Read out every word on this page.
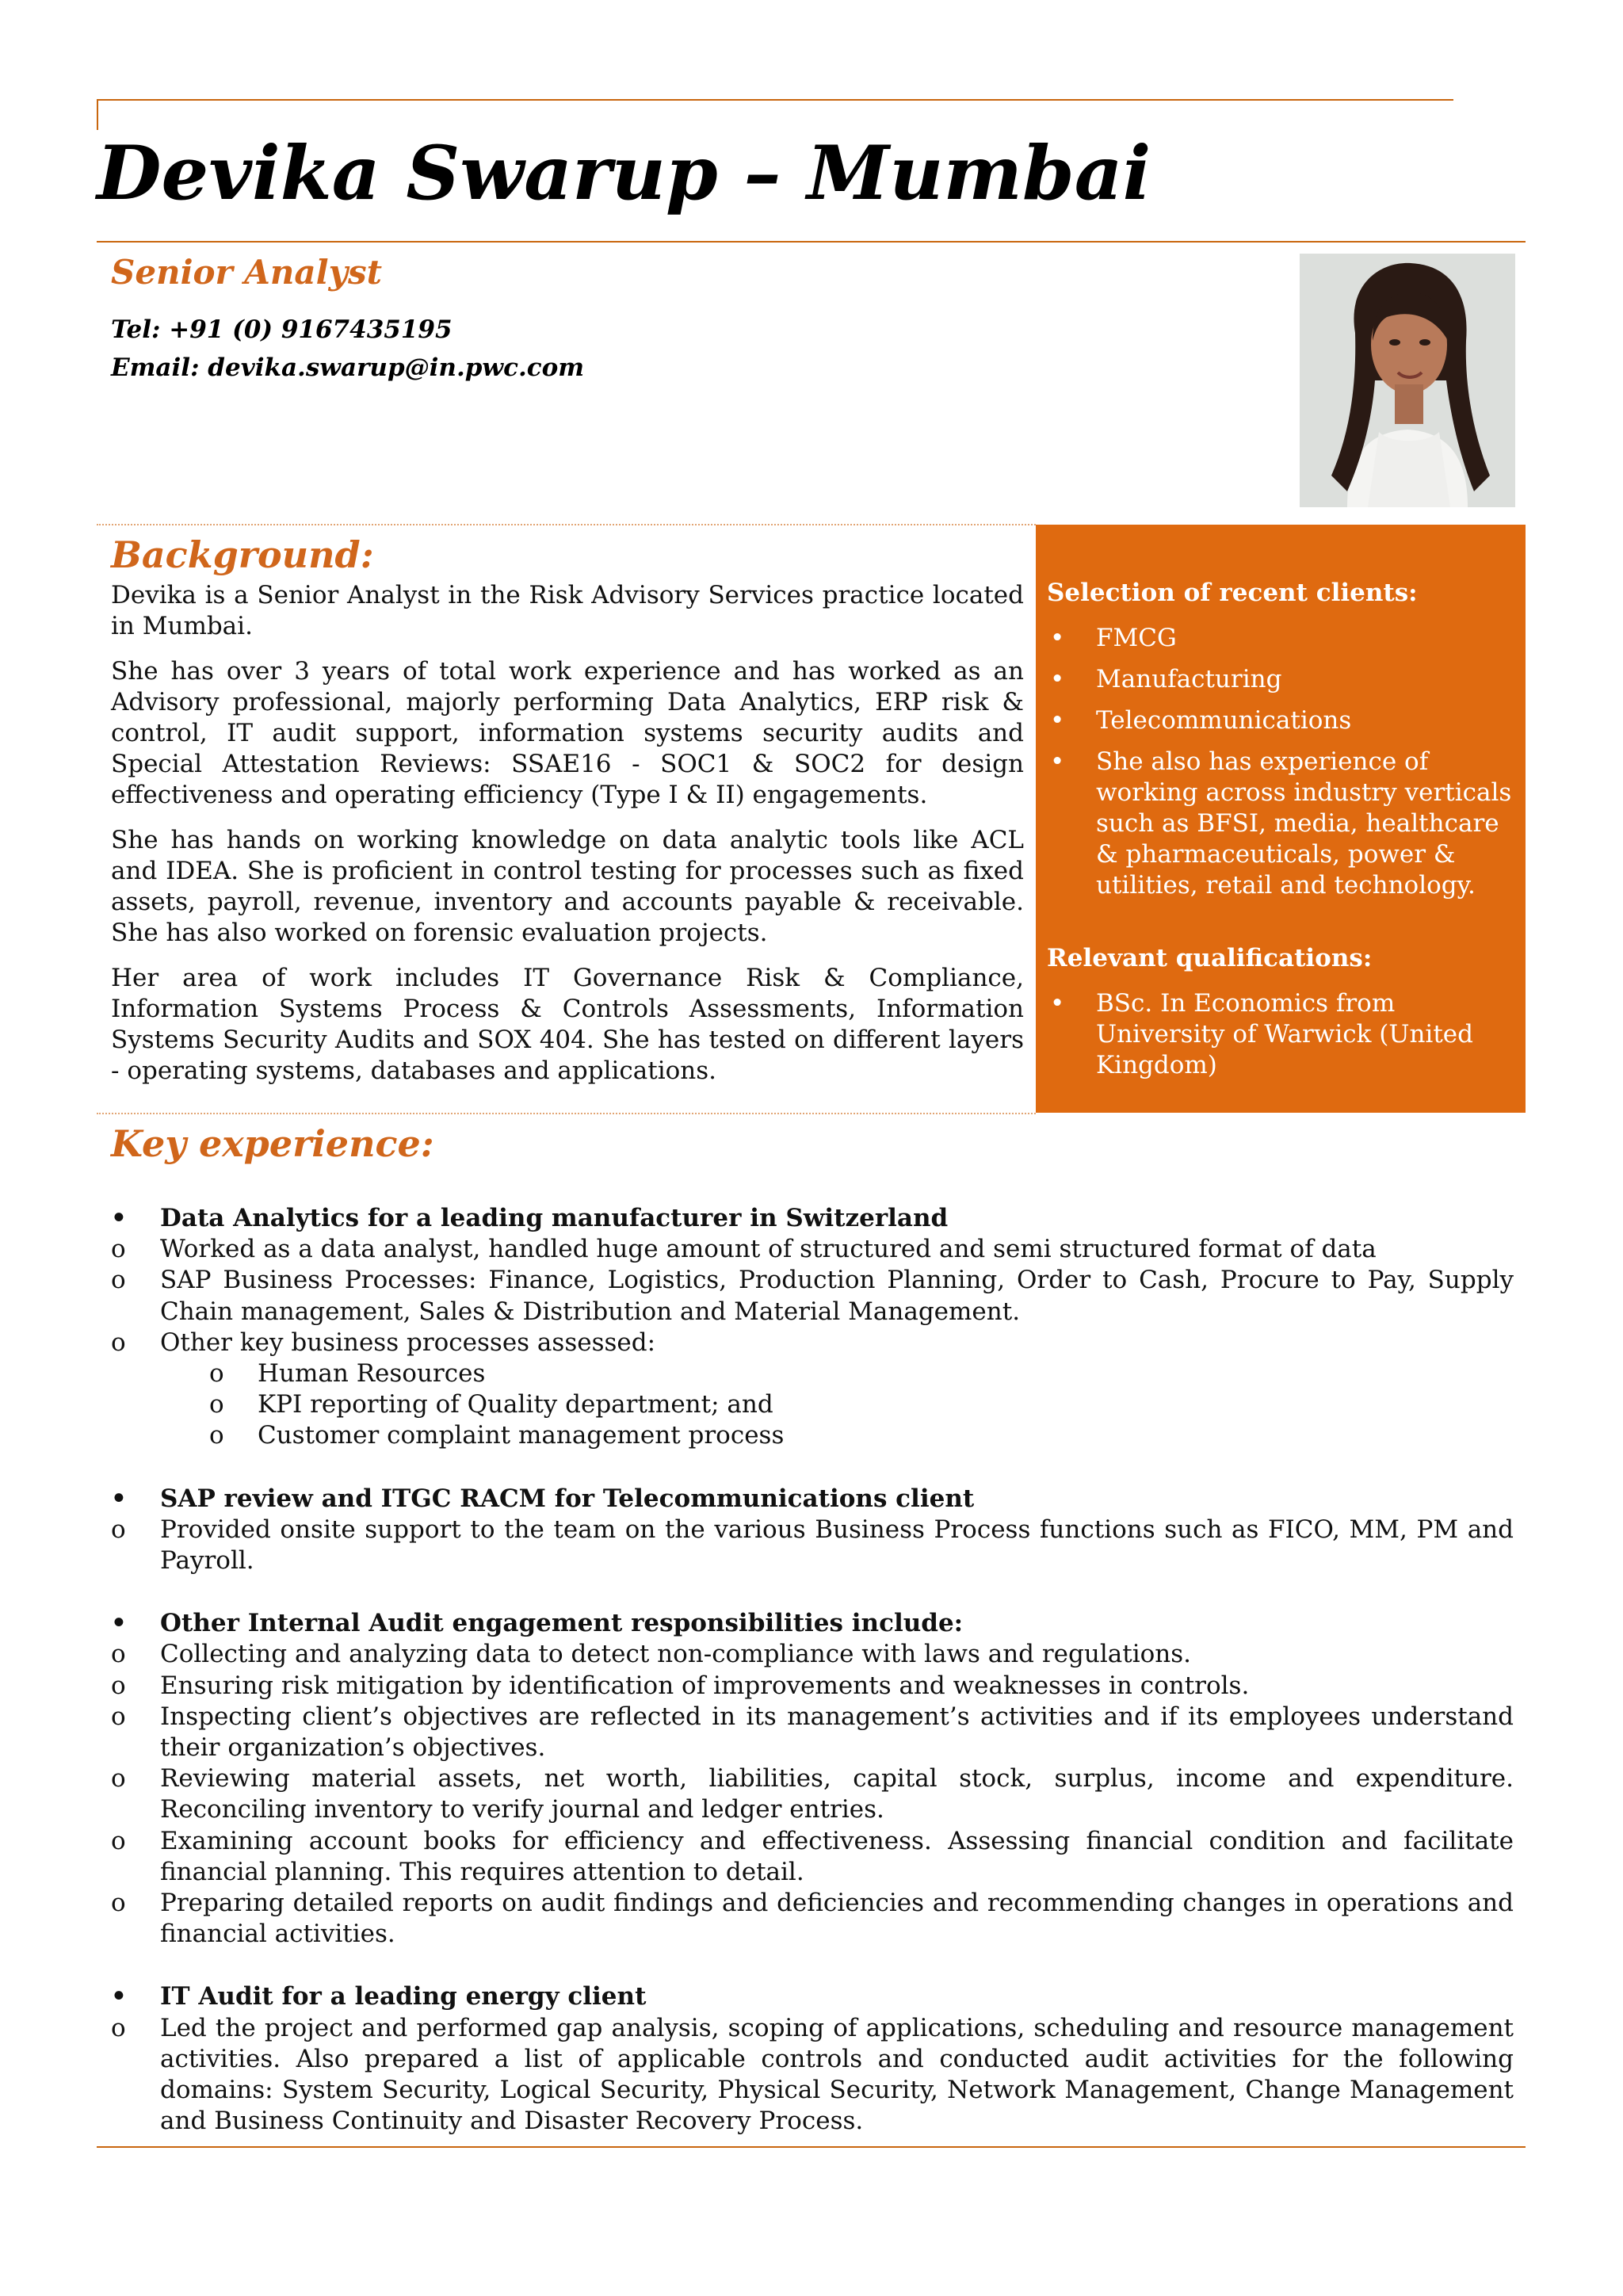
Devika Swarup – Mumbai
Senior Analyst
Tel: +91 (0) 9167435195
Email: devika.swarup@in.pwc.com
Background:

Devika is a Senior Analyst in the Risk Advisory Services practice located in Mumbai.

She has over 3 years of total work experience and has worked as an Advisory professional, majorly performing Data Analytics, ERP risk & control, IT audit support, information systems security audits and Special Attestation Reviews: SSAE16 - SOC1 & SOC2 for design effectiveness and operating efficiency (Type I & II) engagements.

She has hands on working knowledge on data analytic tools like ACL and IDEA. She is proficient in control testing for processes such as fixed assets, payroll, revenue, inventory and accounts payable & receivable. She has also worked on forensic evaluation projects.

Her area of work includes IT Governance Risk & Compliance, Information Systems Process & Controls Assessments, Information Systems Security Audits and SOX 404. She has tested on different layers - operating systems, databases and applications.

Selection of recent clients:
• FMCG
• Manufacturing
• Telecommunications
• She also has experience of working across industry verticals such as BFSI, media, healthcare & pharmaceuticals, power & utilities, retail and technology.
Relevant qualifications:
• BSc. In Economics from University of Warwick (United Kingdom)
Key experience:
• Data Analytics for a leading manufacturer in Switzerland
o Worked as a data analyst, handled huge amount of structured and semi structured format of data
o SAP Business Processes: Finance, Logistics, Production Planning, Order to Cash, Procure to Pay, Supply Chain management, Sales & Distribution and Material Management.
o Other key business processes assessed:
o Human Resources
o KPI reporting of Quality department; and
o Customer complaint management process
• SAP review and ITGC RACM for Telecommunications client
o Provided onsite support to the team on the various Business Process functions such as FICO, MM, PM and Payroll.
• Other Internal Audit engagement responsibilities include:
o Collecting and analyzing data to detect non-compliance with laws and regulations.
o Ensuring risk mitigation by identification of improvements and weaknesses in controls.
o Inspecting client’s objectives are reflected in its management’s activities and if its employees understand their organization’s objectives.
o Reviewing material assets, net worth, liabilities, capital stock, surplus, income and expenditure. Reconciling inventory to verify journal and ledger entries.
o Examining account books for efficiency and effectiveness. Assessing financial condition and facilitate financial planning. This requires attention to detail.
o Preparing detailed reports on audit findings and deficiencies and recommending changes in operations and financial activities.
• IT Audit for a leading energy client
o Led the project and performed gap analysis, scoping of applications, scheduling and resource management activities. Also prepared a list of applicable controls and conducted audit activities for the following domains: System Security, Logical Security, Physical Security, Network Management, Change Management and Business Continuity and Disaster Recovery Process.
